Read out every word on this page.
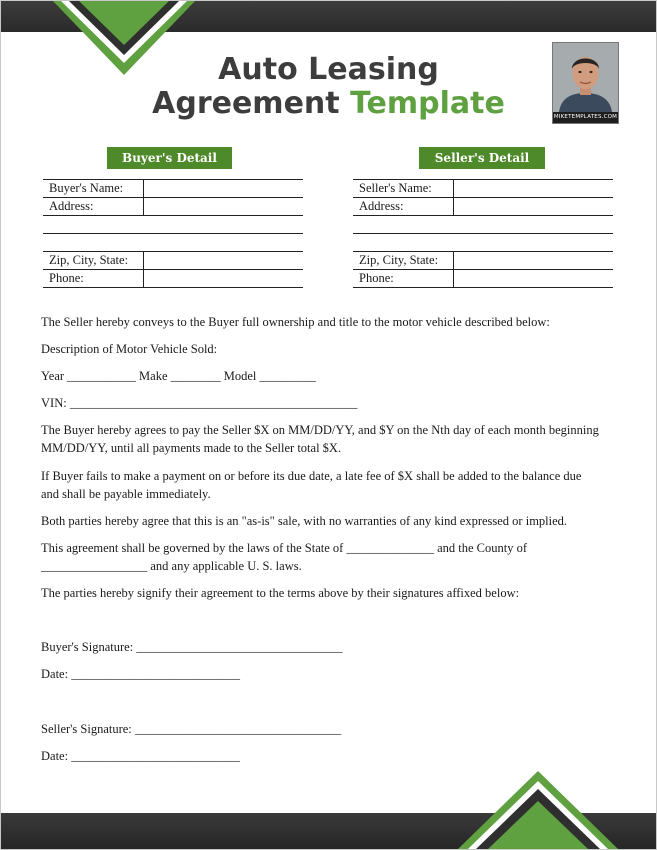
Auto Leasing
Agreement Template	MIKETEMPLATES.COM
Buyer's Detail
Buyer's Name:	
Address:	

Zip, City, State:	
Phone:	
Seller's Detail
Seller's Name:	
Address:	

Zip, City, State:	
Phone:	

The Seller hereby conveys to the Buyer full ownership and title to the motor vehicle described below:

Description of Motor Vehicle Sold:

Year ___________ Make ________ Model _________

VIN: ______________________________________________

The Buyer hereby agrees to pay the Seller $X on MM/DD/YY, and $Y on the Nth day of each month beginning MM/DD/YY, until all payments made to the Seller total $X.

If Buyer fails to make a payment on or before its due date, a late fee of $X shall be added to the balance due and shall be payable immediately.

Both parties hereby agree that this is an "as-is" sale, with no warranties of any kind expressed or implied.

This agreement shall be governed by the laws of the State of ______________ and the County of _________________ and any applicable U. S. laws.

The parties hereby signify their agreement to the terms above by their signatures affixed below:

Buyer's Signature: _________________________________

Date: ___________________________

Seller's Signature: _________________________________

Date: ___________________________
